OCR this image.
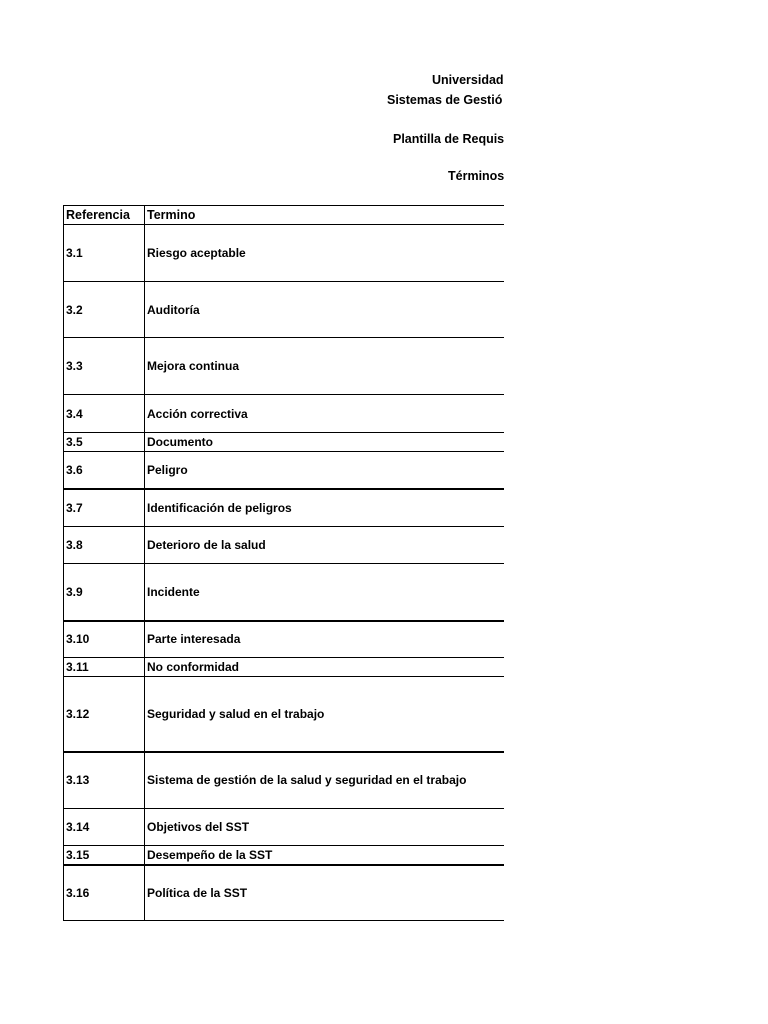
Universidad
Sistemas de Gestió
Plantilla de Requis
Términos
Referencia	Termino
3.1	Riesgo aceptable
3.2	Auditoría
3.3	Mejora continua
3.4	Acción correctiva
3.5	Documento
3.6	Peligro
3.7	Identificación de peligros
3.8	Deterioro de la salud
3.9	Incidente
3.10	Parte interesada
3.11	No conformidad
3.12	Seguridad y salud en el trabajo
3.13	Sistema de gestión de la salud y seguridad en el trabajo
3.14	Objetivos del SST
3.15	Desempeño de la SST
3.16	Política de la SST
